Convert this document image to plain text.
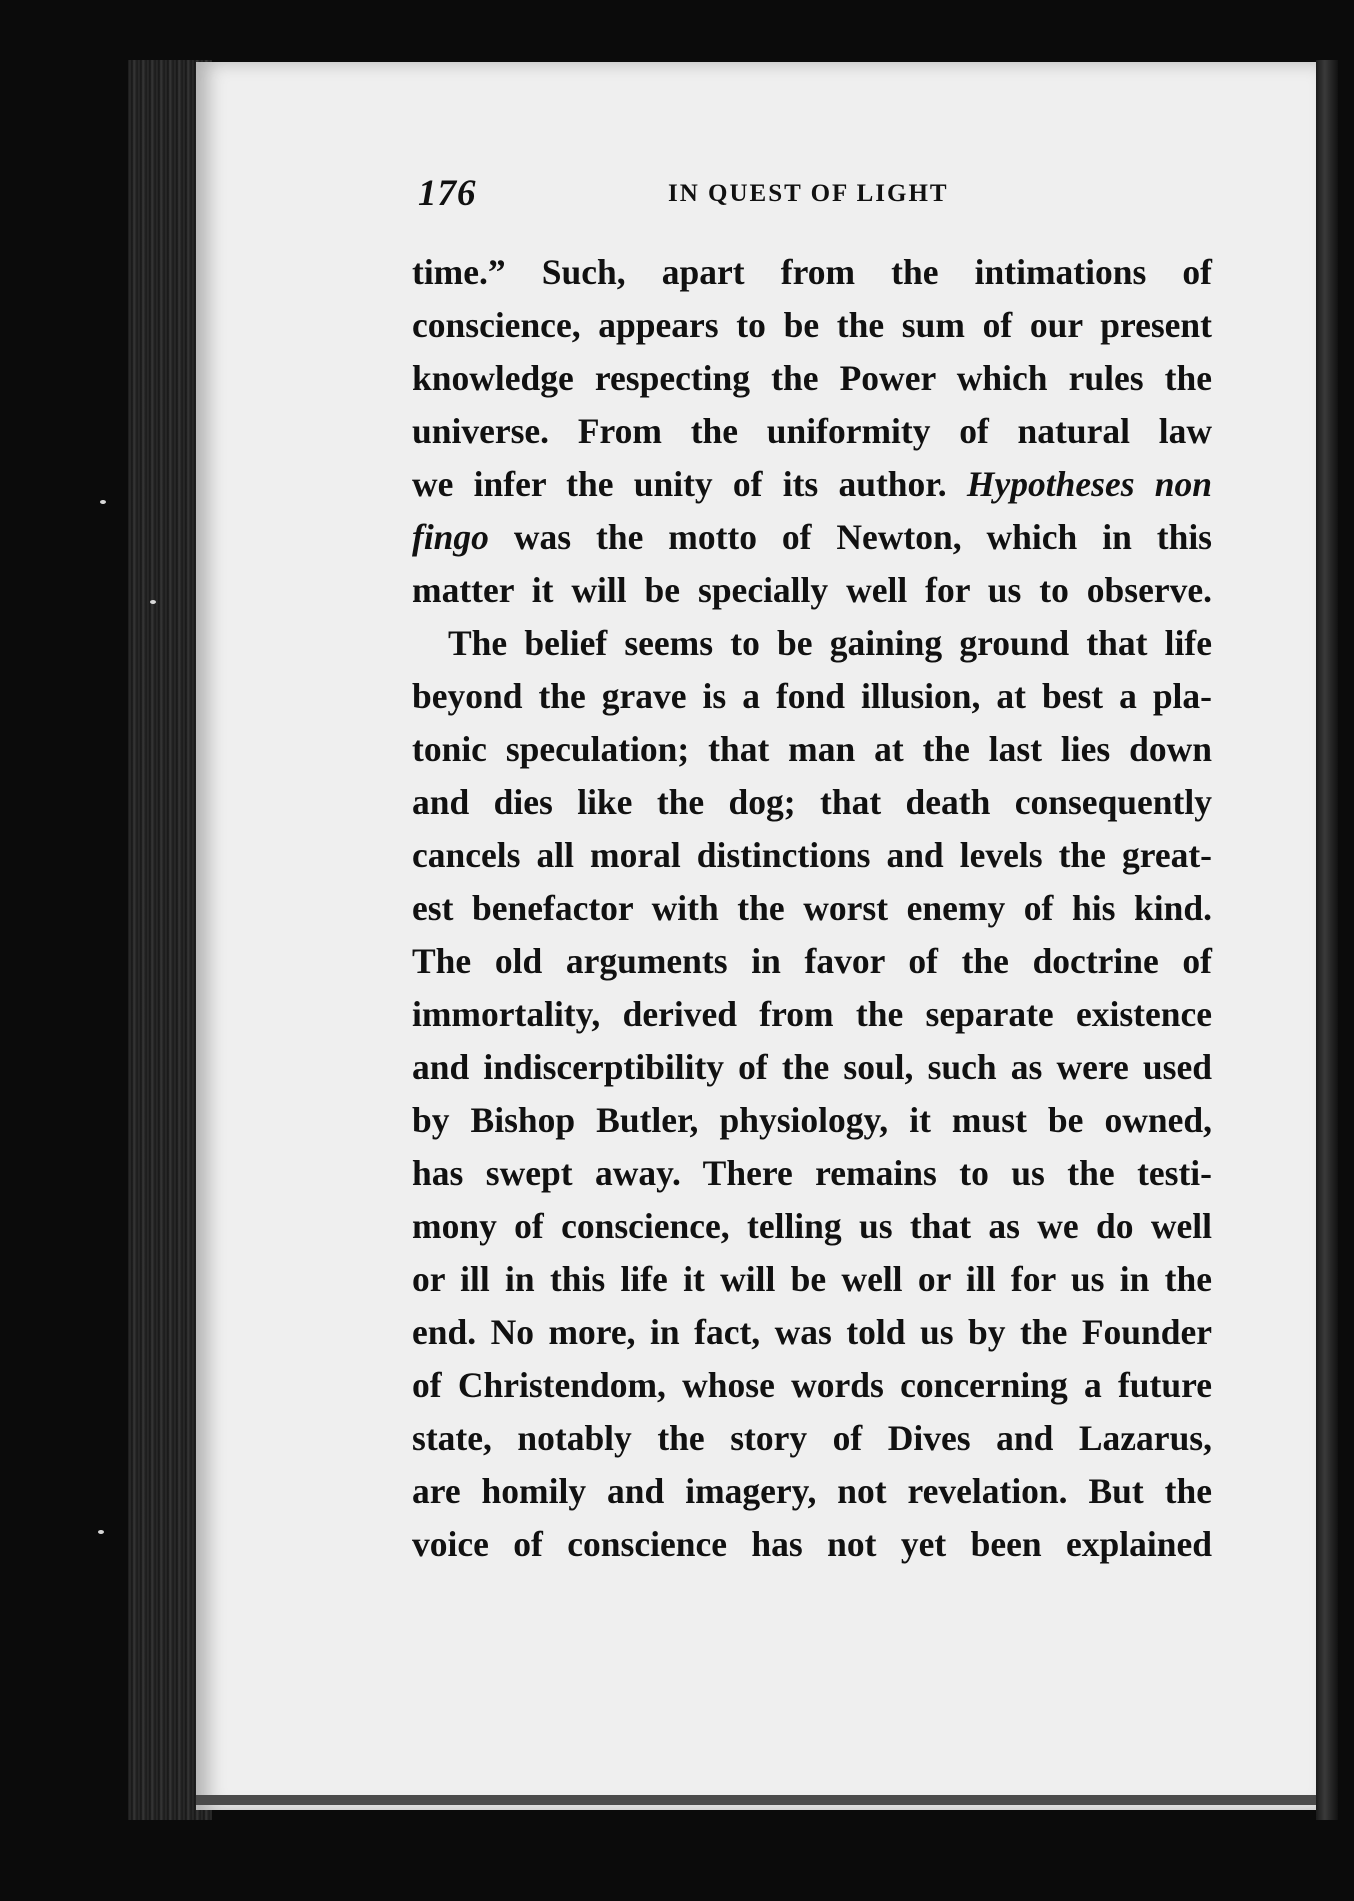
176	IN QUEST OF LIGHT
time.” Such, apart from the intimations of
conscience, appears to be the sum of our present
knowledge respecting the Power which rules the
universe. From the uniformity of natural law
we infer the unity of its author. Hypotheses non
fingo was the motto of Newton, which in this
matter it will be specially well for us to observe.
The belief seems to be gaining ground that life
beyond the grave is a fond illusion, at best a pla-
tonic speculation; that man at the last lies down
and dies like the dog; that death consequently
cancels all moral distinctions and levels the great-
est benefactor with the worst enemy of his kind.
The old arguments in favor of the doctrine of
immortality, derived from the separate existence
and indiscerptibility of the soul, such as were used
by Bishop Butler, physiology, it must be owned,
has swept away. There remains to us the testi-
mony of conscience, telling us that as we do well
or ill in this life it will be well or ill for us in the
end. No more, in fact, was told us by the Founder
of Christendom, whose words concerning a future
state, notably the story of Dives and Lazarus,
are homily and imagery, not revelation. But the
voice of conscience has not yet been explained
